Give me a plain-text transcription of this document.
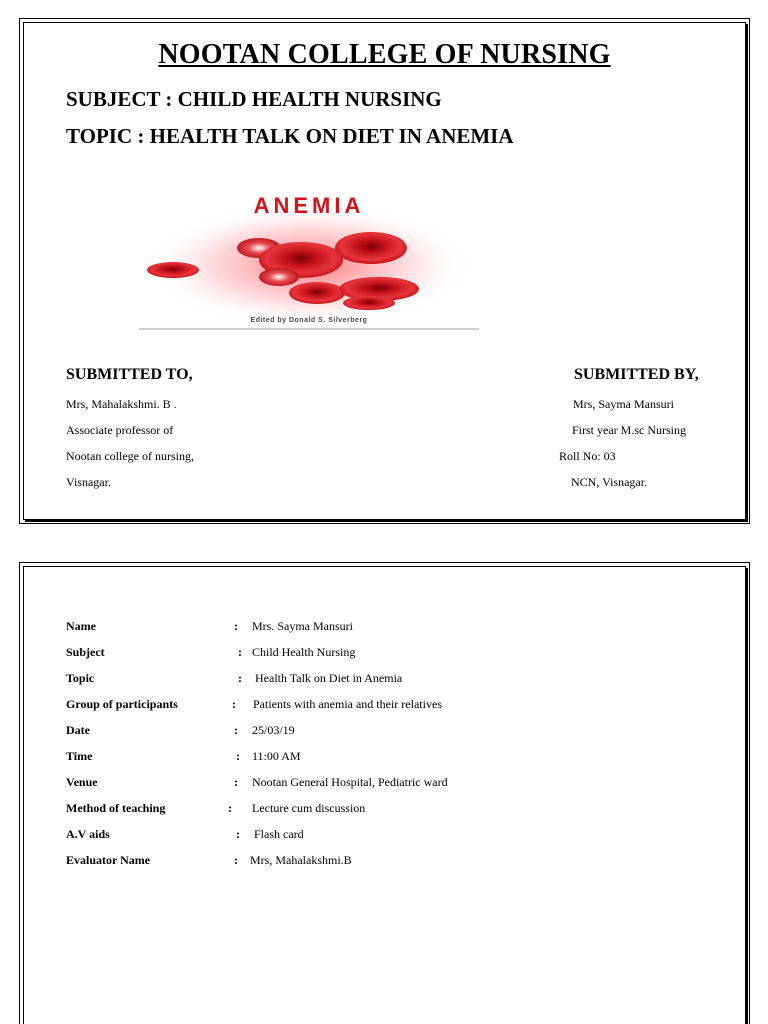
NOOTAN COLLEGE OF NURSING
SUBJECT : CHILD HEALTH NURSING
TOPIC : HEALTH TALK ON DIET IN ANEMIA
ANEMIA
Edited by Donald S. Silverberg
SUBMITTED TO,
Mrs, Mahalakshmi. B .
Associate professor of
Nootan college of nursing,
Visnagar.
SUBMITTED BY,
Mrs, Sayma Mansuri
First year M.sc Nursing
Roll No: 03
NCN, Visnagar.
Name	: Mrs. Sayma Mansuri
Subject	: Child Health Nursing
Topic	: Health Talk on Diet in Anemia
Group of participants	: Patients with anemia and their relatives
Date	: 25/03/19
Time	: 11:00 AM
Venue	: Nootan General Hospital, Pediatric ward
Method of teaching	: Lecture cum discussion
A.V aids	: Flash card
Evaluator Name	: Mrs, Mahalakshmi.B
